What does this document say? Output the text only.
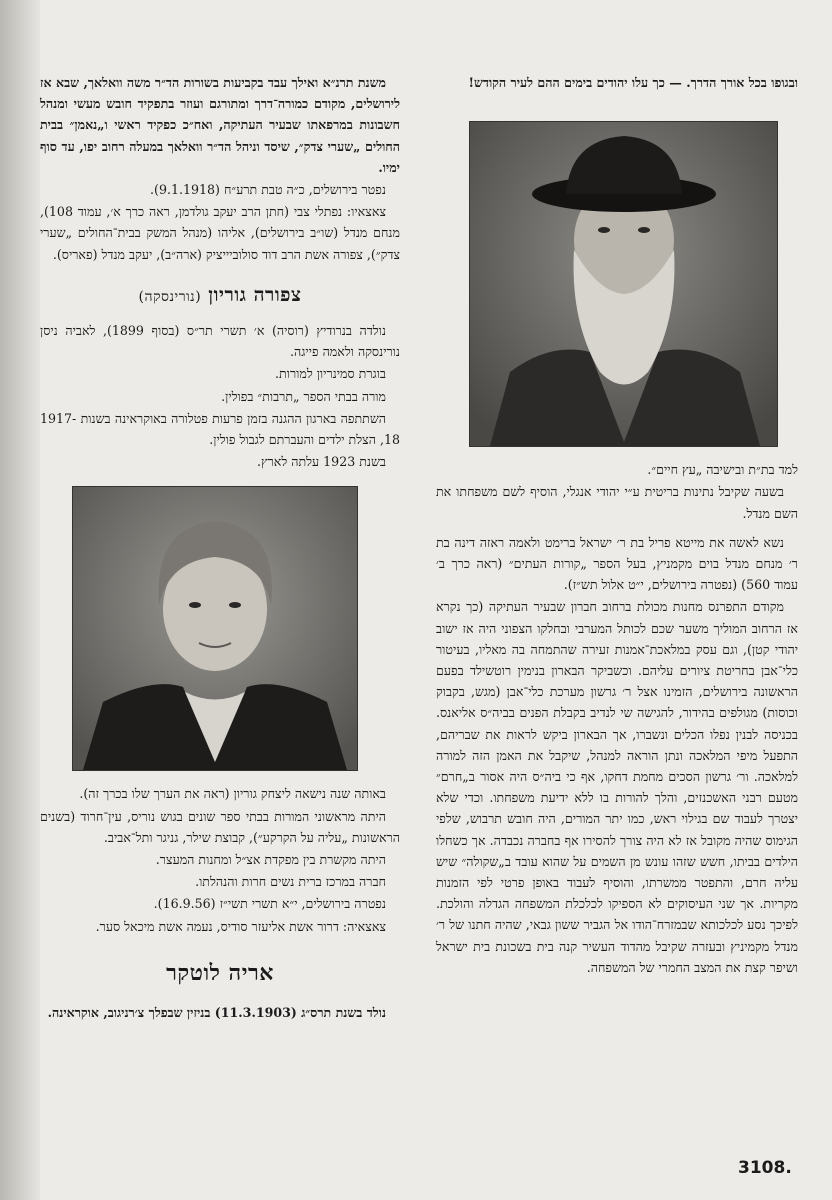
ובגופו בכל אורך הדרך. — כך עלו יהודים בימים ההם לעיר הקודש!

למד בת״ת ובישיבה „עץ חיים״.

בשעה שקיבל נתינות בריטית ע״י יהודי אנגלי, הוסיף לשם משפחתו את השם מנדל.

נשא לאשה את מייטא פריל בת ר׳ ישראל ברימט ולאמה ראזה דינה בת ר׳ מנחם מנדל בוים מקמניץ, בעל הספר „קורות העתים״ (ראה כרך ב׳ עמוד 560) (נפטרה בירושלים, י״ט אלול תש״ז).

מקודם התפרנס מחנות מכולת ברחוב חברון שבעיר העתיקה (כך נקרא אז הרחוב המוליך משער שכם לכותל המערבי ובחלקו הצפוני היה אז ישוב יהודי קטן), וגם עסק במלאכת־אמנות זעירה שהתמחה בה מאליו, בעיטור כלי־אבן בחריטת ציורים עליהם. וכשביקר הבארון בנימין רוטשילד בפעם הראשונה בירושלים, הזמינו אצל ר׳ גרשון מערכת כלי־אבן (מגש, בקבוק וכוסות) מגולפים בהידור, להגישה שי לנדיב בקבלת הפנים בביה״ס אליאנס. בכניסה לבנין נפלו הכלים ונשברו, אך הבארון ביקש לראות את שבריהם, התפעל מיפי המלאכה ונתן הוראה למנהל, שיקבל את האמן הזה למורה למלאכה. ור׳ גרשון הסכים מחמת דחקו, אף כי ביה״ס היה אסור ב„חרם״ מטעם רבני האשכנזים, והלך להורות בו ללא ידיעת משפחתו. וכדי שלא יצטרך לעבוד שם בגילוי ראש, כמו יתר המורים, היה חובש תרבוש, שלפי הגימוס שהיה מקובל אז לא היה צורך להסירו אף בחברה נכבדה. אך כשחלו הילדים בביתו, חשש שזהו עונש מן השמים על שהוא עובד ב„שקולה״ שיש עליה חרם, והתפטר ממשרתו, והוסיף לעבוד באופן פרטי לפי הזמנות מקריות. אך שני העיסוקים לא הספיקו לכלכלת המשפחה הגדלה והולכת. לפיכך נסע לכלכותא שבמזרח־הודו אל הגביר ששון גבאי, שהיה חתנו של ר׳ מנדל מקמיניץ ובעזרה שקיבל מהדוד העשיר קנה בית בשכונת בית ישראל ושיפר קצת את המצב החמרי של המשפחה.

משנת תרנ״א ואילך עבד בקביעות בשורות הד״ר משה וואלאך, שבא אז לירושלים, מקודם כמורה־דרך ומתורגם ועוזר בתפקיד חובש מעשי ומנהל חשבונות במרפאתו שבעיר העתיקה, ואח״כ כפקיד ראשי ו„נאמן״ בבית החולים „שערי צדק״, שיסד וניהל הד״ר וואלאך במעלה רחוב יפו, עד סוף ימיו.

נפטר בירושלים, כ״ה טבת תרע״ח (9.1.1918).

צאצאיו: נפתלי צבי (חתן הרב יעקב גולדמן, ראה כרך א׳, עמוד 108), מנחם מנדל (שו״ב בירושלים), אליהו (מנהל המשק בבית־החולים „שערי צדק״), צפורה אשת הרב דוד סולוביייציק (ארה״ב), יעקב מנדל (פאריס).

צפורה גוריון (נורינסקה)

נולדה בנרודיץ (רוסיה) א׳ תשרי תר״ס (בסוף 1899), לאביה ניסן נורינסקה ולאמה פייגה.

בוגרת סמינריון למורות.

מורה בבתי הספר „תרבות״ בפולין.

השתתפה בארגון ההגנה בזמן פרעות פטלורה באוקראינה בשנות 1917-18, הצלת ילדים והעברתם לגבול פולין.

בשנת 1923 עלתה לארץ.

באותה שנה נישאה ליצחק גוריון (ראה את הערך שלו בכרך זה).

היתה מראשוני המורות בבתי ספר שונים בגוש נוריס, עין־חרוד (בשנים הראשונות „עליה על הקרקע״), קבוצת שילר, גניגר ותל־אביב.

היתה מקשרת בין מפקדת אצ״ל ומחנות המעצר.

חברה במרכז ברית נשים חרות והנהלתו.

נפטרה בירושלים, י״א תשרי תשי״ז (16.9.56).

צאצאיה: דרור אשת אליעזר סודיס, נעמה אשת מיכאל סער.

אריה לוטקר

נולד בשנת תרס״ג (11.3.1903) בניזין שבפלך צ׳רניגוב, אוקראינה.

3108.
